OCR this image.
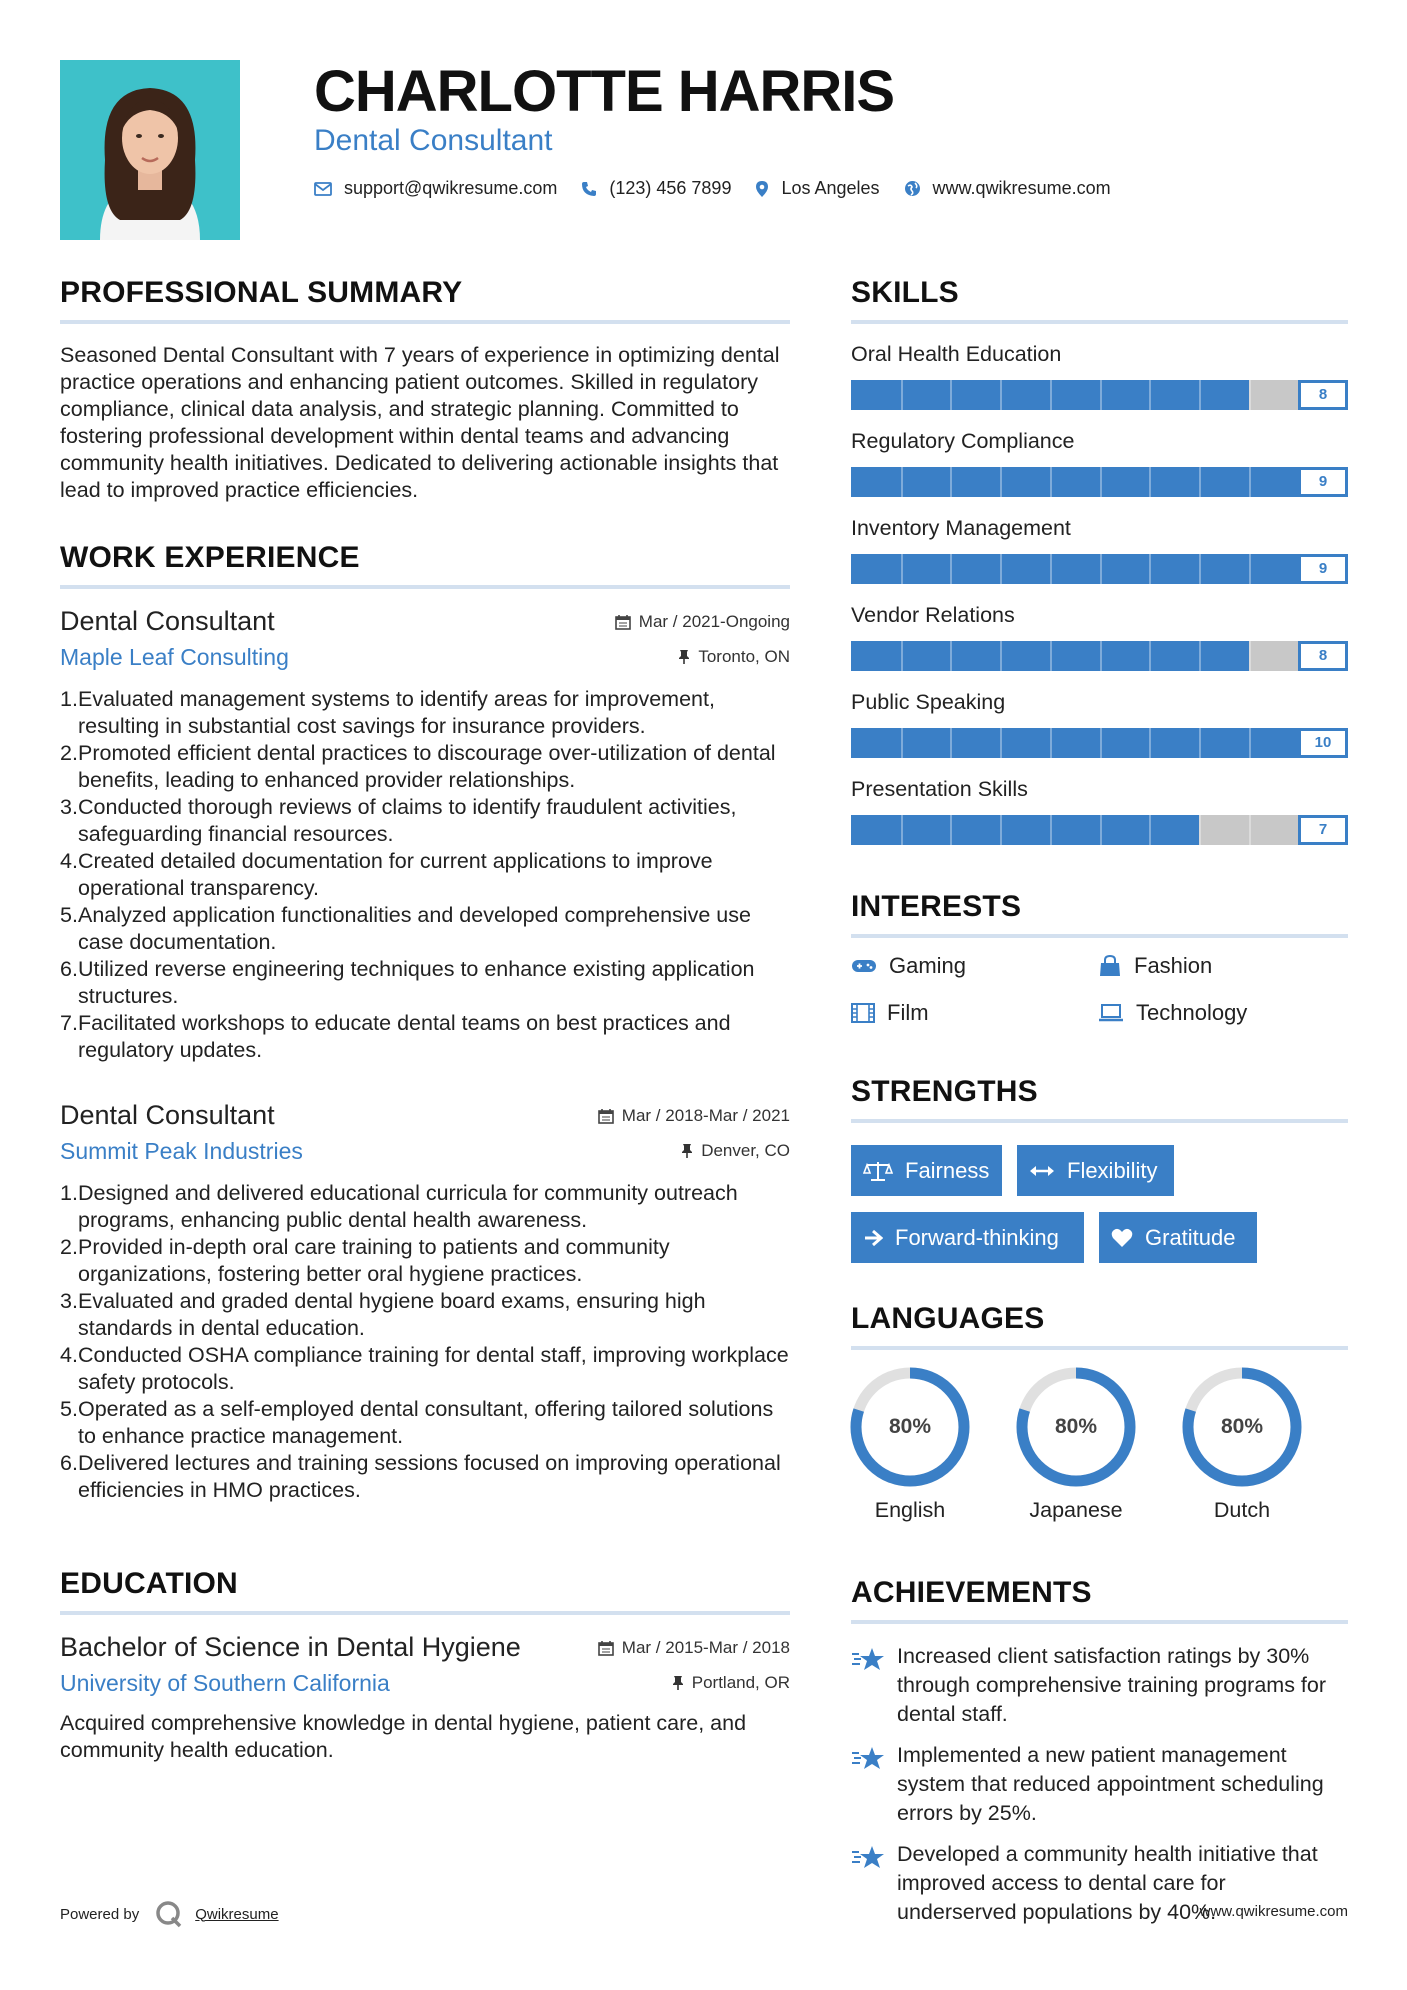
CHARLOTTE HARRIS
Dental Consultant
support@qwikresume.com	(123) 456 7899	Los Angeles	www.qwikresume.com
PROFESSIONAL SUMMARY
Seasoned Dental Consultant with 7 years of experience in optimizing dental practice operations and enhancing patient outcomes. Skilled in regulatory compliance, clinical data analysis, and strategic planning. Committed to fostering professional development within dental teams and advancing community health initiatives. Dedicated to delivering actionable insights that lead to improved practice efficiencies.
WORK EXPERIENCE
Dental Consultant
Maple Leaf Consulting
Mar / 2021-Ongoing
Toronto, ON
1. Evaluated management systems to identify areas for improvement, resulting in substantial cost savings for insurance providers.
2. Promoted efficient dental practices to discourage over-utilization of dental benefits, leading to enhanced provider relationships.
3. Conducted thorough reviews of claims to identify fraudulent activities, safeguarding financial resources.
4. Created detailed documentation for current applications to improve operational transparency.
5. Analyzed application functionalities and developed comprehensive use case documentation.
6. Utilized reverse engineering techniques to enhance existing application structures.
7. Facilitated workshops to educate dental teams on best practices and regulatory updates.
Dental Consultant
Summit Peak Industries
Mar / 2018-Mar / 2021
Denver, CO
1. Designed and delivered educational curricula for community outreach programs, enhancing public dental health awareness.
2. Provided in-depth oral care training to patients and community organizations, fostering better oral hygiene practices.
3. Evaluated and graded dental hygiene board exams, ensuring high standards in dental education.
4. Conducted OSHA compliance training for dental staff, improving workplace safety protocols.
5. Operated as a self-employed dental consultant, offering tailored solutions to enhance practice management.
6. Delivered lectures and training sessions focused on improving operational efficiencies in HMO practices.
EDUCATION
Bachelor of Science in Dental Hygiene
University of Southern California
Mar / 2015-Mar / 2018
Portland, OR
Acquired comprehensive knowledge in dental hygiene, patient care, and community health education.
SKILLS
Oral Health Education
8
Regulatory Compliance
9
Inventory Management
9
Vendor Relations
8
Public Speaking
10
Presentation Skills
7
INTERESTS
Gaming	Fashion
Film	Technology
STRENGTHS
Fairness	Flexibility
Forward-thinking	Gratitude
LANGUAGES
80%
English
80%
Japanese
80%
Dutch
ACHIEVEMENTS
Increased client satisfaction ratings by 30% through comprehensive training programs for dental staff.
Implemented a new patient management system that reduced appointment scheduling errors by 25%.
Developed a community health initiative that improved access to dental care for underserved populations by 40%.
Powered by	Qwikresume	www.qwikresume.com
